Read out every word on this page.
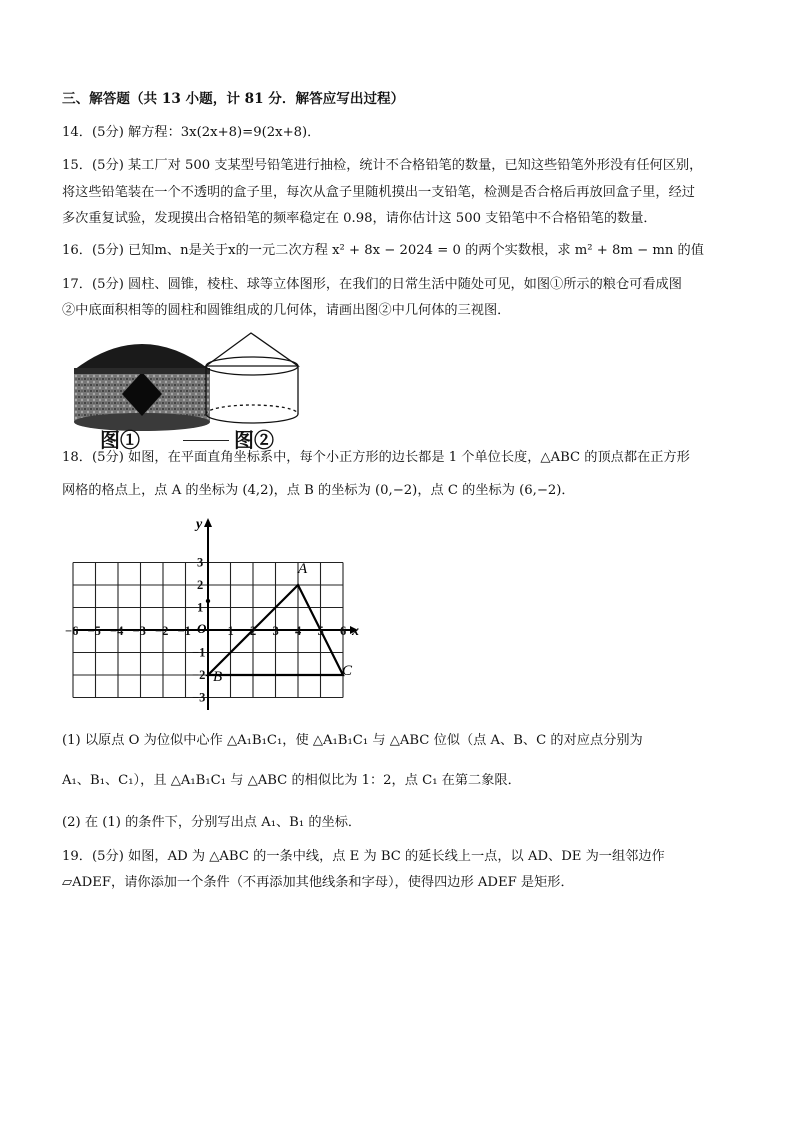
三、解答题（共 13 小题，计 81 分．解答应写出过程）
14．(5分) 解方程：3x(2x+8)=9(2x+8)．
15．(5分) 某工厂对 500 支某型号铅笔进行抽检，统计不合格铅笔的数量，已知这些铅笔外形没有任何区别，
将这些铅笔装在一个不透明的盒子里，每次从盒子里随机摸出一支铅笔，检测是否合格后再放回盒子里，经过
多次重复试验，发现摸出合格铅笔的频率稳定在 0.98，请你估计这 500 支铅笔中不合格铅笔的数量．
16．(5分) 已知m、n是关于x的一元二次方程 x² + 8x − 2024 = 0 的两个实数根，求 m² + 8m − mn 的值
17．(5分) 圆柱、圆锥，棱柱、球等立体图形，在我们的日常生活中随处可见，如图①所示的粮仓可看成图
②中底面积相等的圆柱和圆锥组成的几何体，请画出图②中几何体的三视图．
图①	图②
18．(5分) 如图，在平面直角坐标系中，每个小正方形的边长都是 1 个单位长度，△ABC 的顶点都在正方形
网格的格点上，点 A 的坐标为 (4,2)，点 B 的坐标为 (0,−2)，点 C 的坐标为 (6,−2)．
−6 −5 −4 −3 −2 −1	1 2 3 4 5 6
3
2
1
−1
−2
−3
x
y
O
A
B	C
(1) 以原点 O 为位似中心作 △A₁B₁C₁，使 △A₁B₁C₁ 与 △ABC 位似（点 A、B、C 的对应点分别为
A₁、B₁、C₁），且 △A₁B₁C₁ 与 △ABC 的相似比为 1：2，点 C₁ 在第二象限．
(2) 在 (1) 的条件下，分别写出点 A₁、B₁ 的坐标．
19．(5分) 如图，AD 为 △ABC 的一条中线，点 E 为 BC 的延长线上一点，以 AD、DE 为一组邻边作
▱ADEF，请你添加一个条件（不再添加其他线条和字母），使得四边形 ADEF 是矩形．
